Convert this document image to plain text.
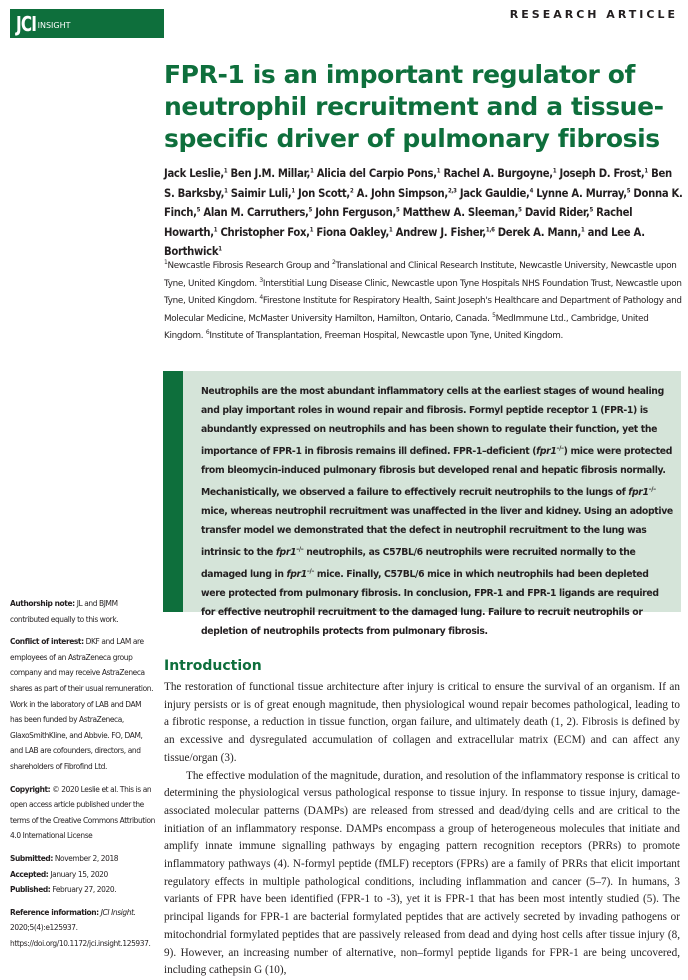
JCI insight
RESEARCH ARTICLE
FPR-1 is an important regulator of neutrophil recruitment and a tissue-specific driver of pulmonary fibrosis
Jack Leslie,$^1$ Ben J.M. Millar,$^1$ Alicia del Carpio Pons,$^1$ Rachel A. Burgoyne,$^1$ Joseph D. Frost,$^1$ Ben S. Barksby,$^1$ Saimir Luli,$^1$ Jon Scott,$^2$ A. John Simpson,$^{2,3}$ Jack Gauldie,$^4$ Lynne A. Murray,$^5$ Donna K. Finch,$^5$ Alan M. Carruthers,$^5$ John Ferguson,$^5$ Matthew A. Sleeman,$^5$ David Rider,$^5$ Rachel Howarth,$^1$ Christopher Fox,$^1$ Fiona Oakley,$^1$ Andrew J. Fisher,$^{1,6}$ Derek A. Mann,$^1$ and Lee A. Borthwick$^1$
$^1$Newcastle Fibrosis Research Group and $^2$Translational and Clinical Research Institute, Newcastle University, Newcastle upon Tyne, United Kingdom. $^3$Interstitial Lung Disease Clinic, Newcastle upon Tyne Hospitals NHS Foundation Trust, Newcastle upon Tyne, United Kingdom. $^4$Firestone Institute for Respiratory Health, Saint Joseph's Healthcare and Department of Pathology and Molecular Medicine, McMaster University Hamilton, Hamilton, Ontario, Canada. $^5$MedImmune Ltd., Cambridge, United Kingdom. $^6$Institute of Transplantation, Freeman Hospital, Newcastle upon Tyne, United Kingdom.
Neutrophils are the most abundant inflammatory cells at the earliest stages of wound healing and play important roles in wound repair and fibrosis. Formyl peptide receptor 1 (FPR-1) is abundantly expressed on neutrophils and has been shown to regulate their function, yet the importance of FPR-1 in fibrosis remains ill defined. FPR-1–deficient (fpr1–/–) mice were protected from bleomycin-induced pulmonary fibrosis but developed renal and hepatic fibrosis normally. Mechanistically, we observed a failure to effectively recruit neutrophils to the lungs of fpr1–/– mice, whereas neutrophil recruitment was unaffected in the liver and kidney. Using an adoptive transfer model we demonstrated that the defect in neutrophil recruitment to the lung was intrinsic to the fpr1–/– neutrophils, as C57BL/6 neutrophils were recruited normally to the damaged lung in fpr1–/– mice. Finally, C57BL/6 mice in which neutrophils had been depleted were protected from pulmonary fibrosis. In conclusion, FPR-1 and FPR-1 ligands are required for effective neutrophil recruitment to the damaged lung. Failure to recruit neutrophils or depletion of neutrophils protects from pulmonary fibrosis.

Authorship note: JL and BJMM contributed equally to this work.

Conflict of interest: DKF and LAM are employees of an AstraZeneca group company and may receive AstraZeneca shares as part of their usual remuneration. Work in the laboratory of LAB and DAM has been funded by AstraZeneca, GlaxoSmithKline, and Abbvie. FO, DAM, and LAB are cofounders, directors, and shareholders of Fibrofind Ltd.

Copyright: © 2020 Leslie et al. This is an open access article published under the terms of the Creative Commons Attribution 4.0 International License

Submitted: November 2, 2018
Accepted: January 15, 2020
Published: February 27, 2020.

Reference information: JCI Insight. 2020;5(4):e125937. https://doi.org/10.1172/jci.insight.125937.

Introduction

The restoration of functional tissue architecture after injury is critical to ensure the survival of an organism. If an injury persists or is of great enough magnitude, then physiological wound repair becomes pathological, leading to a fibrotic response, a reduction in tissue function, organ failure, and ultimately death (1, 2). Fibrosis is defined by an excessive and dysregulated accumulation of collagen and extracellular matrix (ECM) and can affect any tissue/organ (3).

The effective modulation of the magnitude, duration, and resolution of the inflammatory response is critical to determining the physiological versus pathological response to tissue injury. In response to tissue injury, damage-associated molecular patterns (DAMPs) are released from stressed and dead/dying cells and are critical to the initiation of an inflammatory response. DAMPs encompass a group of heterogeneous molecules that initiate and amplify innate immune signalling pathways by engaging pattern recognition receptors (PRRs) to promote inflammatory pathways (4). N-formyl peptide (fMLF) receptors (FPRs) are a family of PRRs that elicit important regulatory effects in multiple pathological conditions, including inflammation and cancer (5–7). In humans, 3 variants of FPR have been identified (FPR-1 to -3), yet it is FPR-1 that has been most intently studied (5). The principal ligands for FPR-1 are bacterial formylated peptides that are actively secreted by invading pathogens or mitochondrial formylated peptides that are passively released from dead and dying host cells after tissue injury (8, 9). However, an increasing number of alternative, non–formyl peptide ligands for FPR-1 are being uncovered, including cathepsin G (10),
